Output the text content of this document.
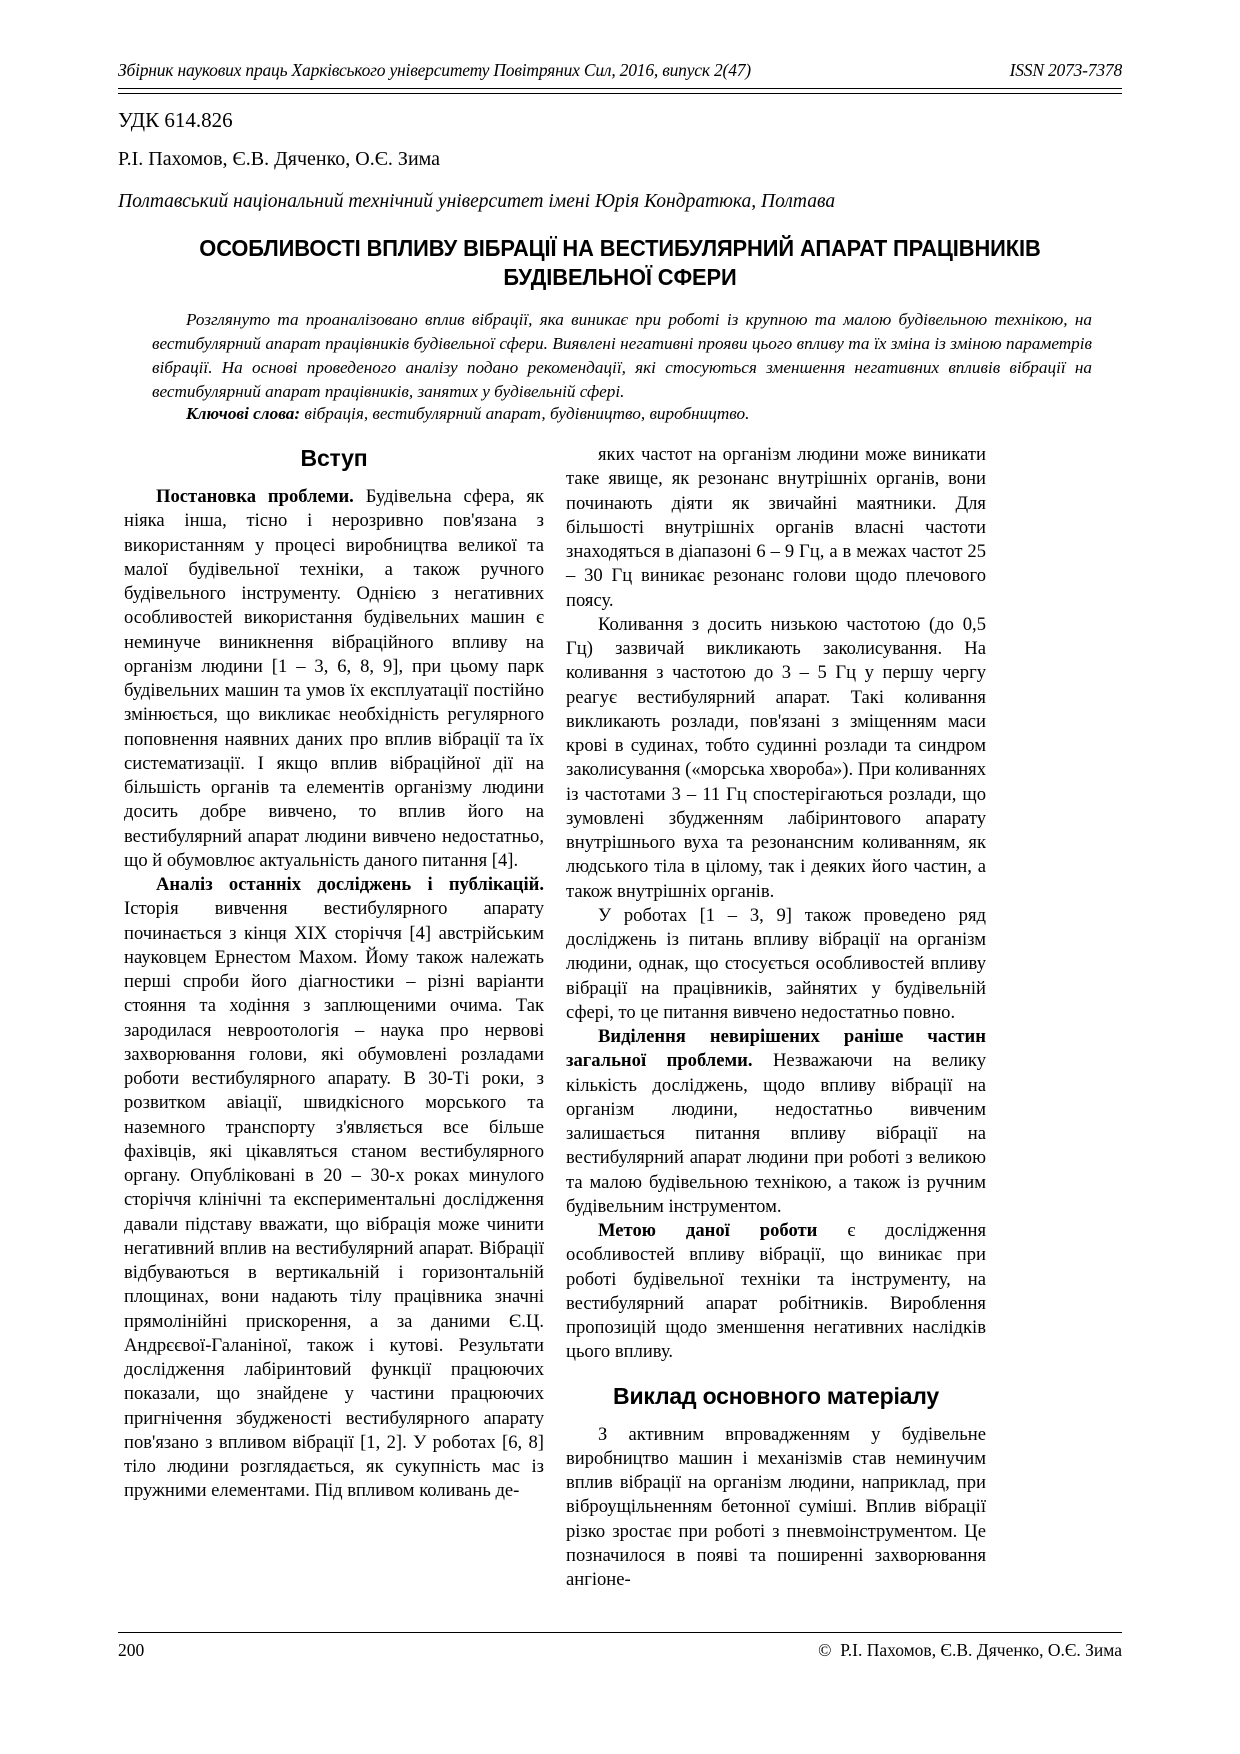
Збірник наукових праць Харківського університету Повітряних Сил, 2016, випуск 2(47)	ISSN 2073-7378
УДК 614.826
Р.І. Пахомов, Є.В. Дяченко, О.Є. Зима
Полтавський національний технічний університет імені Юрія Кондратюка, Полтава
ОСОБЛИВОСТІ ВПЛИВУ ВІБРАЦІЇ НА ВЕСТИБУЛЯРНИЙ АПАРАТ ПРАЦІВНИКІВ БУДІВЕЛЬНОЇ СФЕРИ
Розглянуто та проаналізовано вплив вібрації, яка виникає при роботі із крупною та малою будівельною технікою, на вестибулярний апарат працівників будівельної сфери. Виявлені негативні прояви цього впливу та їх зміна із зміною параметрів вібрації. На основі проведеного аналізу подано рекомендації, які стосуються зменшення негативних впливів вібрації на вестибулярний апарат працівників, занятих у будівельній сфері.
Ключові слова: вібрація, вестибулярний апарат, будівництво, виробництво.
Вступ

Постановка проблеми. Будівельна сфера, як ніяка інша, тісно і нерозривно пов'язана з використанням у процесі виробництва великої та малої будівельної техніки, а також ручного будівельного інструменту. Однією з негативних особливостей використання будівельних машин є неминуче виникнення вібраційного впливу на організм людини [1 – 3, 6, 8, 9], при цьому парк будівельних машин та умов їх експлуатації постійно змінюється, що викликає необхідність регулярного поповнення наявних даних про вплив вібрації та їх систематизації. І якщо вплив вібраційної дії на більшість органів та елементів організму людини досить добре вивчено, то вплив його на вестибулярний апарат людини вивчено недостатньо, що й обумовлює актуальність даного питання [4].

Аналіз останніх досліджень і публікацій. Історія вивчення вестибулярного апарату починається з кінця XIX сторіччя [4] австрійським науковцем Ернестом Махом. Йому також належать перші спроби його діагностики – різні варіанти стояння та ходіння з заплющеними очима. Так зародилася невроотологія – наука про нервові захворювання голови, які обумовлені розладами роботи вестибулярного апарату. В 30-Ті роки, з розвитком авіації, швидкісного морського та наземного транспорту з'являється все більше фахівців, які цікавляться станом вестибулярного органу. Опубліковані в 20 – 30-х роках минулого сторіччя клінічні та експериментальні дослідження давали підставу вважати, що вібрація може чинити негативний вплив на вестибулярний апарат. Вібрації відбуваються в вертикальній і горизонтальній площинах, вони надають тілу працівника значні прямолінійні прискорення, а за даними Є.Ц. Андрєєвої-Галаніної, також і кутові. Результати дослідження лабіринтовий функції працюючих показали, що знайдене у частини працюючих пригнічення збудженості вестибулярного апарату пов'язано з впливом вібрації [1, 2]. У роботах [6, 8] тіло людини розглядається, як сукупність мас із пружними елементами. Під впливом коливань де-

яких частот на організм людини може виникати таке явище, як резонанс внутрішніх органів, вони починають діяти як звичайні маятники. Для більшості внутрішніх органів власні частоти знаходяться в діапазоні 6 – 9 Гц, а в межах частот 25 – 30 Гц виникає резонанс голови щодо плечового поясу.

Коливання з досить низькою частотою (до 0,5 Гц) зазвичай викликають заколисування. На коливання з частотою до 3 – 5 Гц у першу чергу реагує вестибулярний апарат. Такі коливання викликають розлади, пов'язані з зміщенням маси крові в судинах, тобто судинні розлади та синдром заколисування («морська хвороба»). При коливаннях із частотами 3 – 11 Гц спостерігаються розлади, що зумовлені збудженням лабіринтового апарату внутрішнього вуха та резонансним коливанням, як людського тіла в цілому, так і деяких його частин, а також внутрішніх органів.

У роботах [1 – 3, 9] також проведено ряд досліджень із питань впливу вібрації на організм людини, однак, що стосується особливостей впливу вібрації на працівників, зайнятих у будівельній сфері, то це питання вивчено недостатньо повно.

Виділення невирішених раніше частин загальної проблеми. Незважаючи на велику кількість досліджень, щодо впливу вібрації на організм людини, недостатньо вивченим залишається питання впливу вібрації на вестибулярний апарат людини при роботі з великою та малою будівельною технікою, а також із ручним будівельним інструментом.

Метою даної роботи є дослідження особливостей впливу вібрації, що виникає при роботі будівельної техніки та інструменту, на вестибулярний апарат робітників. Вироблення пропозицій щодо зменшення негативних наслідків цього впливу.

Виклад основного матеріалу

З активним впровадженням у будівельне виробництво машин і механізмів став неминучим вплив вібрації на організм людини, наприклад, при віброущільненням бетонної суміші. Вплив вібрації різко зростає при роботі з пневмоінструментом. Це позначилося в появі та поширенні захворювання ангіоне-

200	© Р.І. Пахомов, Є.В. Дяченко, О.Є. Зима
